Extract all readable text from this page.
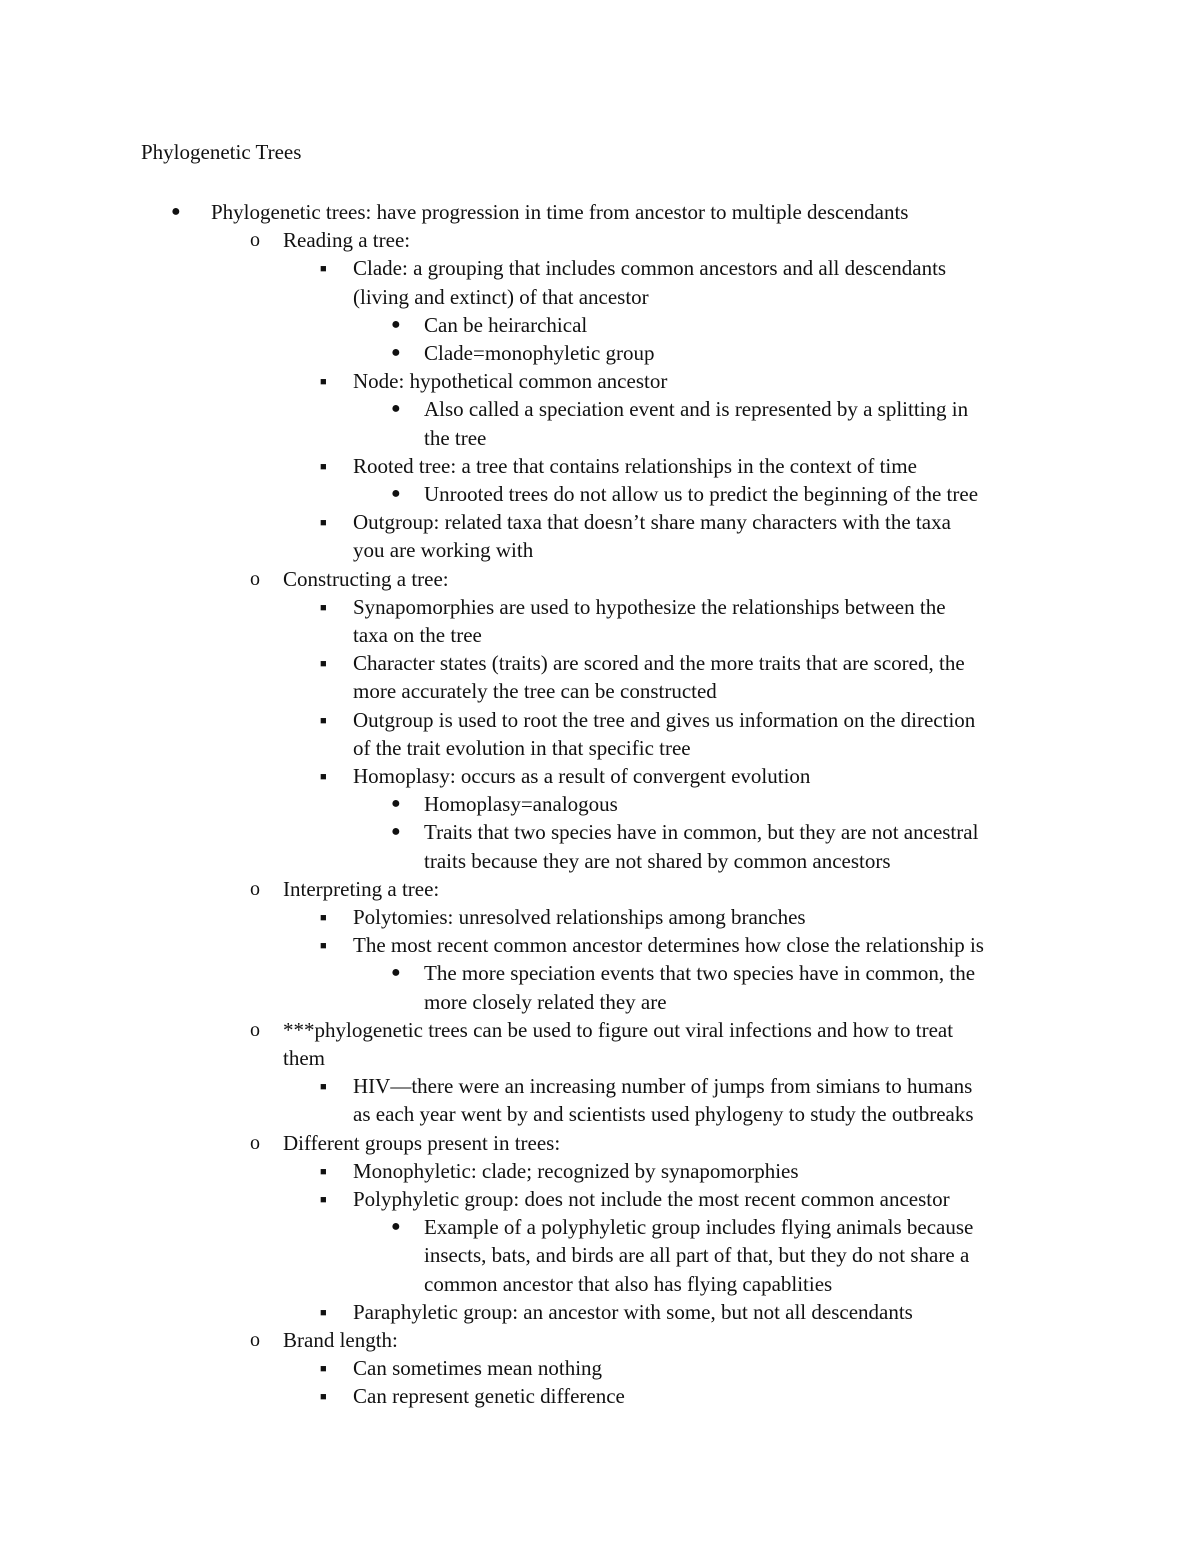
Phylogenetic Trees
● Phylogenetic trees: have progression in time from ancestor to multiple descendants
o Reading a tree:
■ Clade: a grouping that includes common ancestors and all descendants
(living and extinct) of that ancestor
● Can be heirarchical
● Clade=monophyletic group
■ Node: hypothetical common ancestor
● Also called a speciation event and is represented by a splitting in
the tree
■ Rooted tree: a tree that contains relationships in the context of time
● Unrooted trees do not allow us to predict the beginning of the tree
■ Outgroup: related taxa that doesn’t share many characters with the taxa
you are working with
o Constructing a tree:
■ Synapomorphies are used to hypothesize the relationships between the
taxa on the tree
■ Character states (traits) are scored and the more traits that are scored, the
more accurately the tree can be constructed
■ Outgroup is used to root the tree and gives us information on the direction
of the trait evolution in that specific tree
■ Homoplasy: occurs as a result of convergent evolution
● Homoplasy=analogous
● Traits that two species have in common, but they are not ancestral
traits because they are not shared by common ancestors
o Interpreting a tree:
■ Polytomies: unresolved relationships among branches
■ The most recent common ancestor determines how close the relationship is
● The more speciation events that two species have in common, the
more closely related they are
o ***phylogenetic trees can be used to figure out viral infections and how to treat
them
■ HIV—there were an increasing number of jumps from simians to humans
as each year went by and scientists used phylogeny to study the outbreaks
o Different groups present in trees:
■ Monophyletic: clade; recognized by synapomorphies
■ Polyphyletic group: does not include the most recent common ancestor
● Example of a polyphyletic group includes flying animals because
insects, bats, and birds are all part of that, but they do not share a
common ancestor that also has flying capablities
■ Paraphyletic group: an ancestor with some, but not all descendants
o Brand length:
■ Can sometimes mean nothing
■ Can represent genetic difference
